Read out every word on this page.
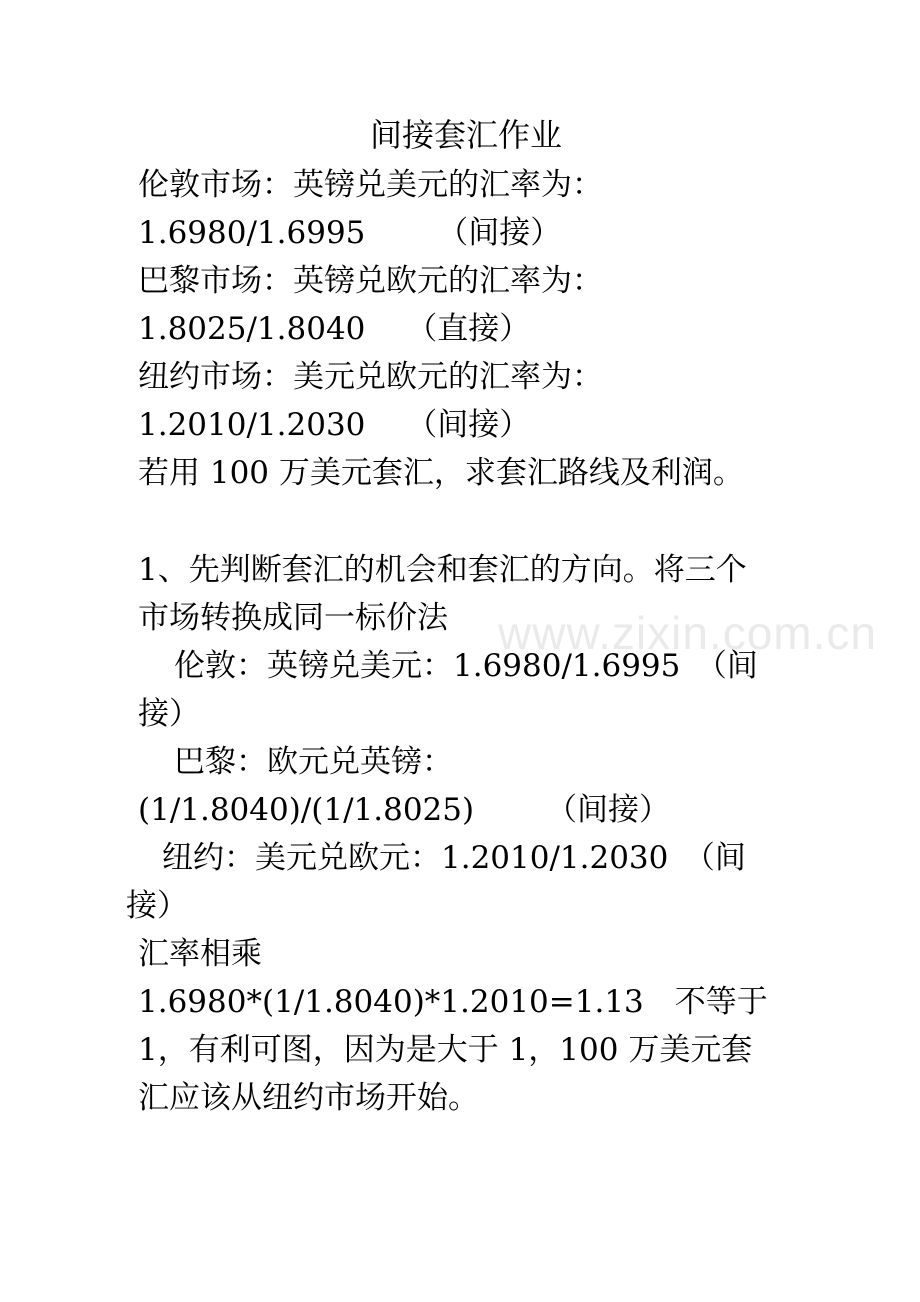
间接套汇作业
伦敦市场：英镑兑美元的汇率为：
1.6980/1.6995　　 （间接）
巴黎市场：英镑兑欧元的汇率为：
1.8025/1.8040　 （直接）
纽约市场：美元兑欧元的汇率为：
1.2010/1.2030　 （间接）
若用 100 万美元套汇，求套汇路线及利润。
1、先判断套汇的机会和套汇的方向。将三个
市场转换成同一标价法
伦敦：英镑兑美元：1.6980/1.6995　（间
接）
巴黎：欧元兑英镑：
(1/1.8040)/(1/1.8025)　　 （间接）
纽约：美元兑欧元：1.2010/1.2030　（间
接）
汇率相乘
1.6980*(1/1.8040)*1.2010=1.13　不等于
1，有利可图，因为是大于 1，100 万美元套
汇应该从纽约市场开始。
www.zixin.com.cn
